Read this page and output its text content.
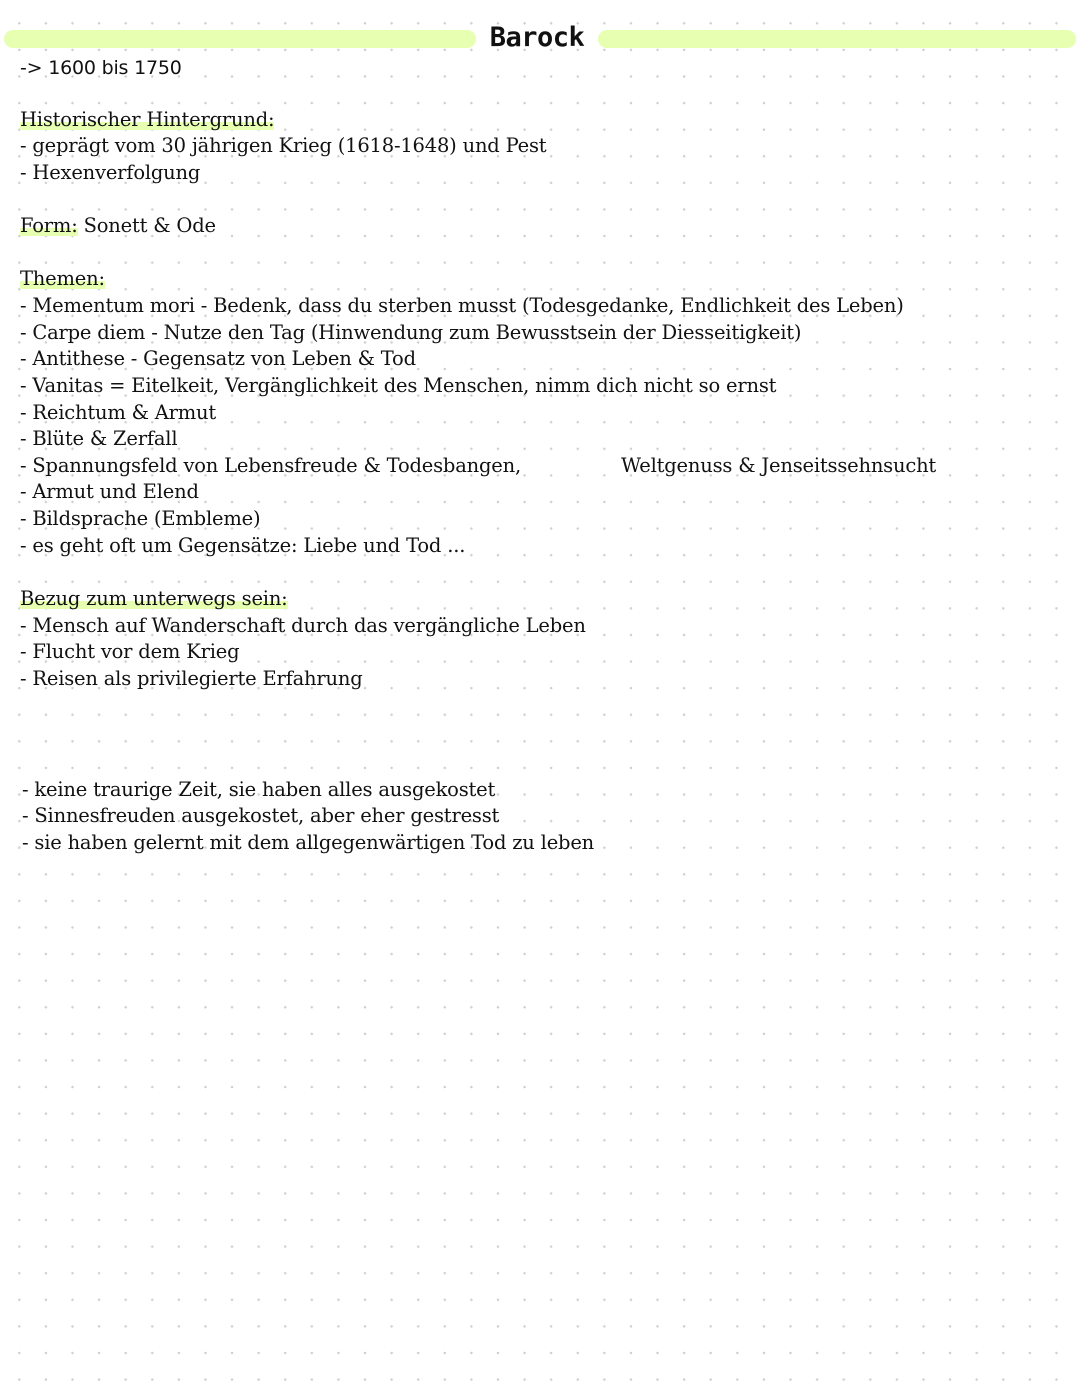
Barock
-> 1600 bis 1750
Historischer Hintergrund:
- geprägt vom 30 jährigen Krieg (1618-1648) und Pest
- Hexenverfolgung
Form: Sonett & Ode
Themen:
- Mementum mori - Bedenk, dass du sterben musst (Todesgedanke, Endlichkeit des Leben)
- Carpe diem - Nutze den Tag (Hinwendung zum Bewusstsein der Diesseitigkeit)
- Antithese - Gegensatz von Leben & Tod
- Vanitas = Eitelkeit, Vergänglichkeit des Menschen, nimm dich nicht so ernst
- Reichtum & Armut
- Blüte & Zerfall
- Spannungsfeld von Lebensfreude & Todesbangen,	Weltgenuss & Jenseitssehnsucht
- Armut und Elend
- Bildsprache (Embleme)
- es geht oft um Gegensätze: Liebe und Tod ...
Bezug zum unterwegs sein:
- Mensch auf Wanderschaft durch das vergängliche Leben
- Flucht vor dem Krieg
- Reisen als privilegierte Erfahrung
- keine traurige Zeit, sie haben alles ausgekostet
- Sinnesfreuden ausgekostet, aber eher gestresst
- sie haben gelernt mit dem allgegenwärtigen Tod zu leben
